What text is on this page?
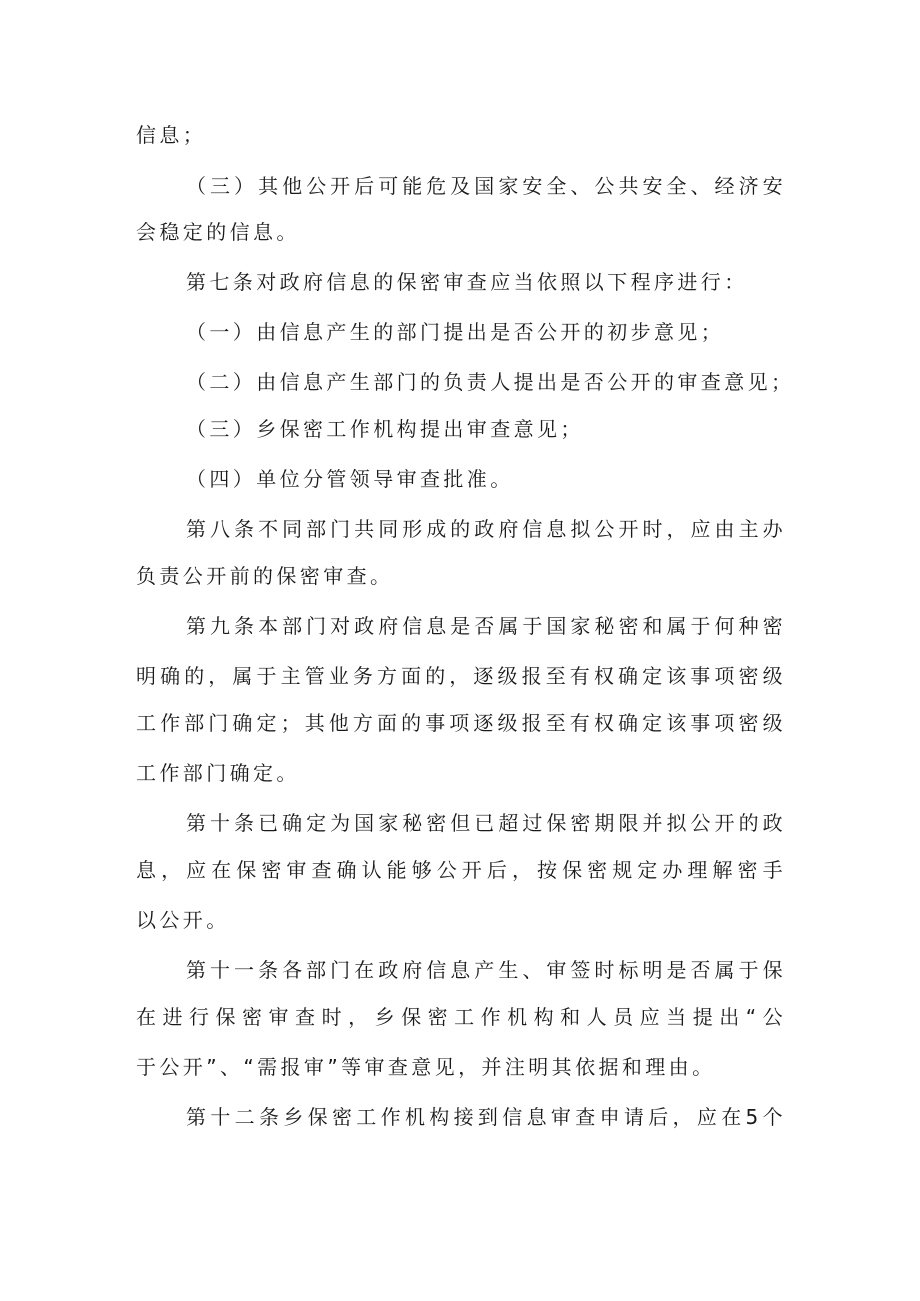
信息；

（三）其他公开后可能危及国家安全、公共安全、经济安

会稳定的信息。

第七条对政府信息的保密审查应当依照以下程序进行：

（一）由信息产生的部门提出是否公开的初步意见；

（二）由信息产生部门的负责人提出是否公开的审查意见；

（三）乡保密工作机构提出审查意见；

（四）单位分管领导审查批准。

第八条不同部门共同形成的政府信息拟公开时，应由主办

负责公开前的保密审查。

第九条本部门对政府信息是否属于国家秘密和属于何种密

明确的，属于主管业务方面的，逐级报至有权确定该事项密级

工作部门确定；其他方面的事项逐级报至有权确定该事项密级

工作部门确定。

第十条已确定为国家秘密但已超过保密期限并拟公开的政

息，应在保密审查确认能够公开后，按保密规定办理解密手

以公开。

第十一条各部门在政府信息产生、审签时标明是否属于保

在进行保密审查时，乡保密工作机构和人员应当提出“公

于公开”、“需报审”等审查意见，并注明其依据和理由。

第十二条乡保密工作机构接到信息审查申请后，应在5个
